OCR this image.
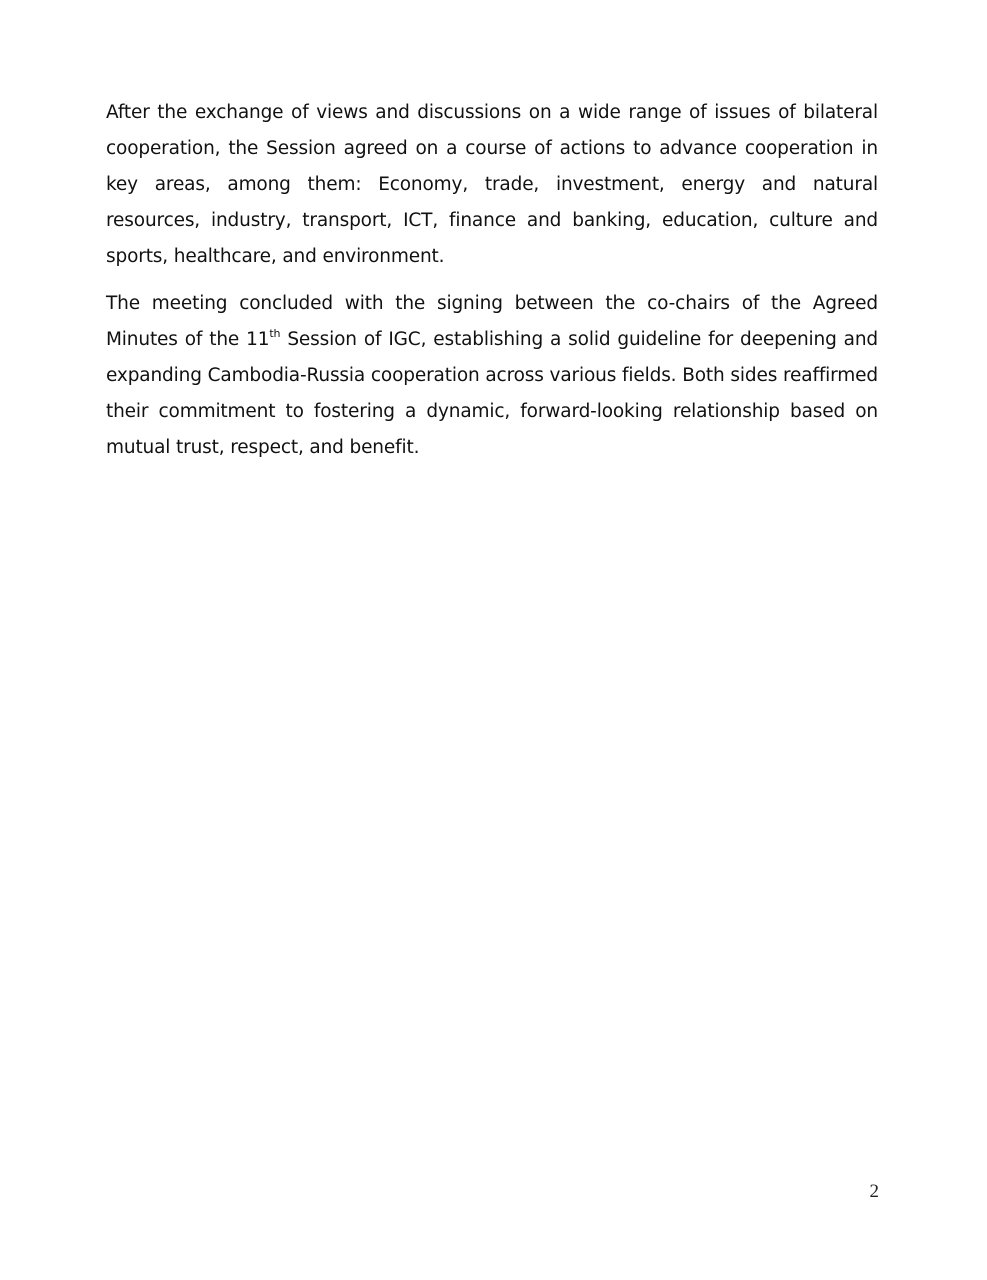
After the exchange of views and discussions on a wide range of issues of bilateral cooperation, the Session agreed on a course of actions to advance cooperation in key areas, among them: Economy, trade, investment, energy and natural resources, industry, transport, ICT, finance and banking, education, culture and sports, healthcare, and environment.

The meeting concluded with the signing between the co-chairs of the Agreed Minutes of the 11th Session of IGC, establishing a solid guideline for deepening and expanding Cambodia-Russia cooperation across various fields. Both sides reaffirmed their commitment to fostering a dynamic, forward-looking relationship based on mutual trust, respect, and benefit.

2
